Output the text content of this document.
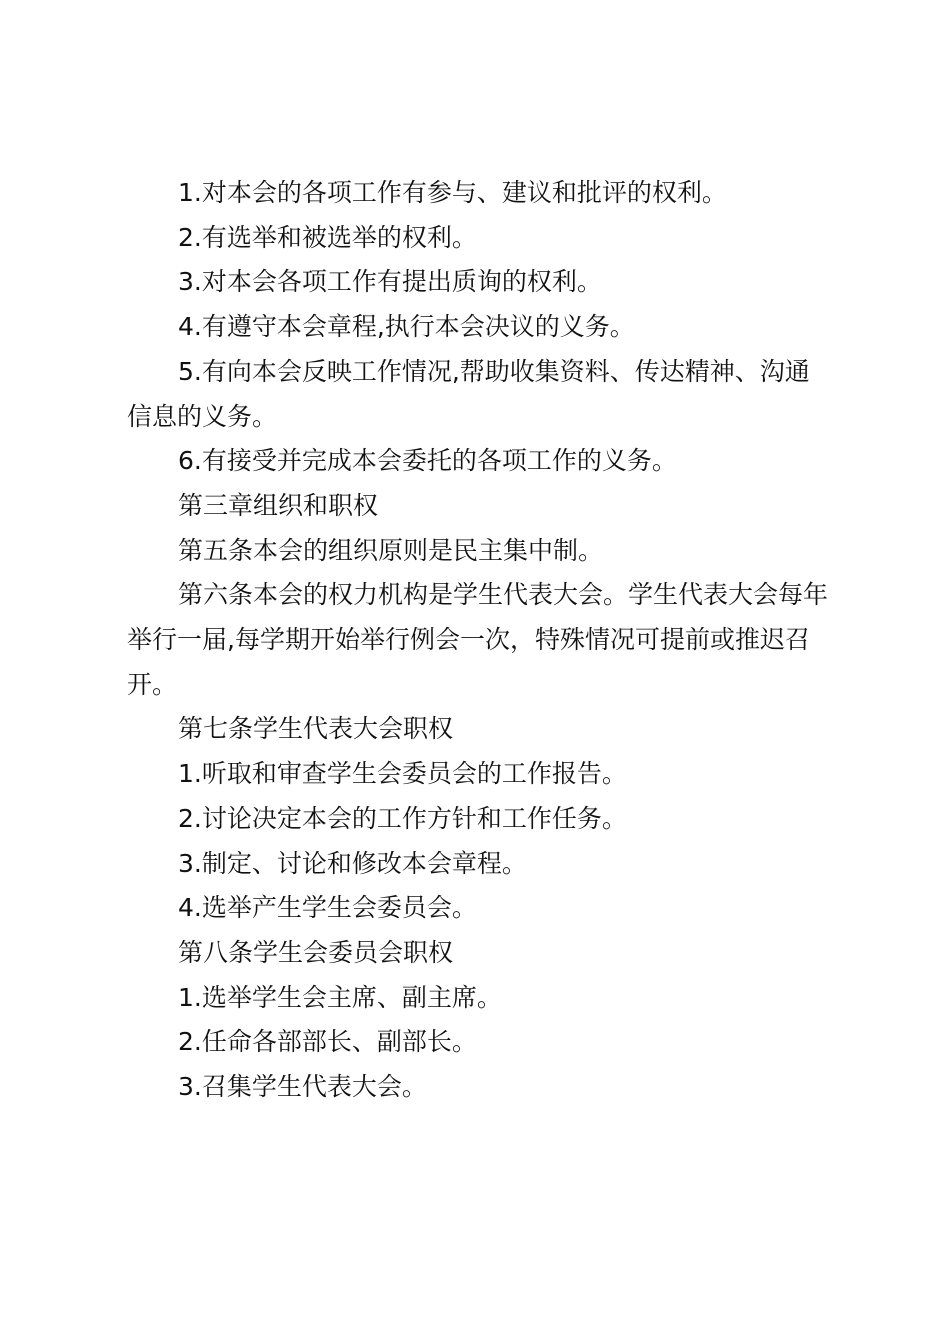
1.对本会的各项工作有参与、建议和批评的权利。

2.有选举和被选举的权利。

3.对本会各项工作有提出质询的权利。

4.有遵守本会章程,执行本会决议的义务。

5.有向本会反映工作情况,帮助收集资料、传达精神、沟通信息的义务。

6.有接受并完成本会委托的各项工作的义务。

第三章组织和职权

第五条本会的组织原则是民主集中制。

第六条本会的权力机构是学生代表大会。学生代表大会每年举行一届,每学期开始举行例会一次，特殊情况可提前或推迟召开。

第七条学生代表大会职权

1.听取和审查学生会委员会的工作报告。

2.讨论决定本会的工作方针和工作任务。

3.制定、讨论和修改本会章程。

4.选举产生学生会委员会。

第八条学生会委员会职权

1.选举学生会主席、副主席。

2.任命各部部长、副部长。

3.召集学生代表大会。
